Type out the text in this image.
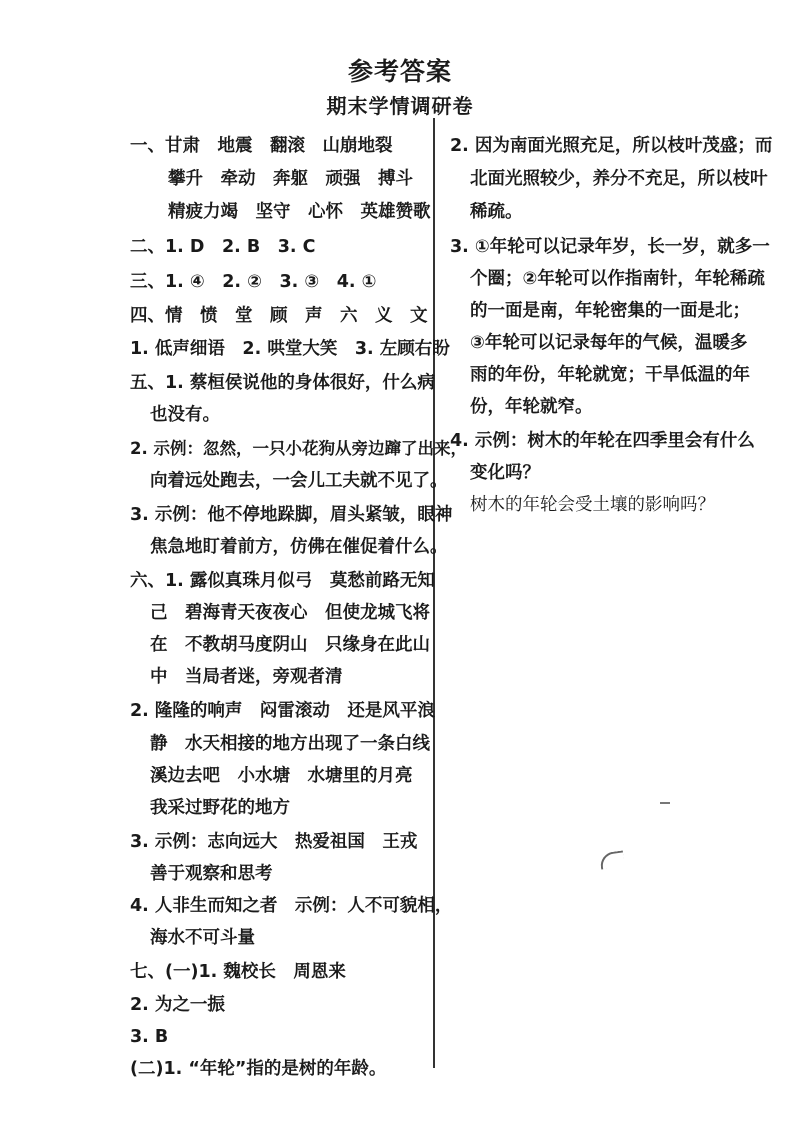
参考答案
期末学情调研卷
一、甘肃　地震　翻滚　山崩地裂
攀升　牵动　奔躯　顽强　搏斗
精疲力竭　坚守　心怀　英雄赞歌
二、1. D　2. B　3. C
三、1. ④　2. ②　3. ③　4. ①
四、情　愤　堂　顾　声　六　义　文
1. 低声细语　2. 哄堂大笑　3. 左顾右盼
五、1. 蔡桓侯说他的身体很好，什么病
也没有。
2. 示例：忽然，一只小花狗从旁边蹿了出来，
向着远处跑去，一会儿工夫就不见了。
3. 示例：他不停地跺脚，眉头紧皱，眼神
焦急地盯着前方，仿佛在催促着什么。
六、1. 露似真珠月似弓　莫愁前路无知
己　碧海青天夜夜心　但使龙城飞将
在　不教胡马度阴山　只缘身在此山
中　当局者迷，旁观者清
2. 隆隆的响声　闷雷滚动　还是风平浪
静　水天相接的地方出现了一条白线
溪边去吧　小水塘　水塘里的月亮
我采过野花的地方
3. 示例：志向远大　热爱祖国　王戎
善于观察和思考
4. 人非生而知之者　示例：人不可貌相，
海水不可斗量
七、(一)1. 魏校长　周恩来
2. 为之一振
3. B
(二)1. “年轮”指的是树的年龄。
2. 因为南面光照充足，所以枝叶茂盛；而
北面光照较少，养分不充足，所以枝叶
稀疏。
3. ①年轮可以记录年岁，长一岁，就多一
个圈；②年轮可以作指南针，年轮稀疏
的一面是南，年轮密集的一面是北；
③年轮可以记录每年的气候，温暖多
雨的年份，年轮就宽；干旱低温的年
份，年轮就窄。
4. 示例：树木的年轮在四季里会有什么
变化吗？
树木的年轮会受土壤的影响吗？
